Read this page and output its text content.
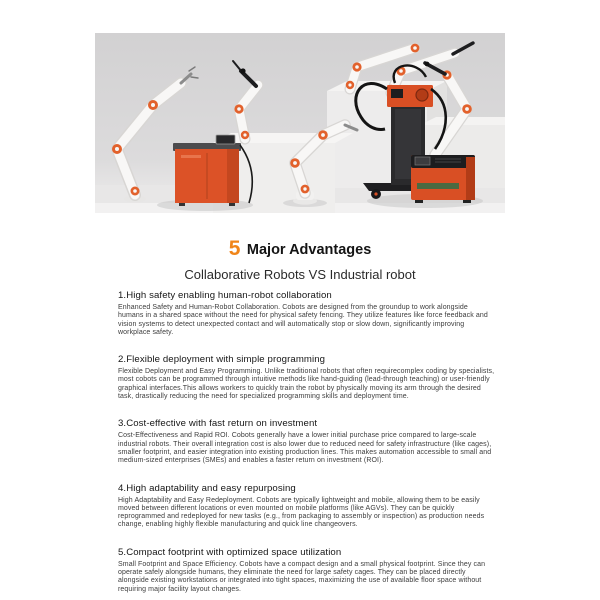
5 Major Advantages
Collaborative Robots VS Industrial robot
1.High safety enabling human-robot collaboration

Enhanced Safety and Human-Robot Collaboration. Cobots are designed from the groundup to work alongside humans in a shared space without the need for physical safety fencing. They utilize features like force feedback and vision systems to detect unexpected contact and will automatically stop or slow down, significantly improving workplace safety.

2.Flexible deployment with simple programming

Flexible Deployment and Easy Programming. Unlike traditional robots that often requirecomplex coding by specialists, most cobots can be programmed through intuitive methods like hand-guiding (lead-through teaching) or user-friendly graphical interfaces.This allows workers to quickly train the robot by physically moving its arm through the desired task, drastically reducing the need for specialized programming skills and deployment time.

3.Cost-effective with fast return on investment

Cost-Effectiveness and Rapid ROI. Cobots generally have a lower initial purchase price compared to large-scale industrial robots. Their overall integration cost is also lower due to reduced need for safety infrastructure (like cages), smaller footprint, and easier integration into existing production lines. This makes automation accessible to small and medium-sized enterprises (SMEs) and enables a faster return on investment (ROI).

4.High adaptability and easy repurposing

High Adaptability and Easy Redeployment. Cobots are typically lightweight and mobile, allowing them to be easily moved between different locations or even mounted on mobile platforms (like AGVs). They can be quickly reprogrammed and redeployed for new tasks (e.g., from packaging to assembly or inspection) as production needs change, enabling highly flexible manufacturing and quick line changeovers.

5.Compact footprint with optimized space utilization

Small Footprint and Space Efficiency. Cobots have a compact design and a small physical footprint. Since they can operate safely alongside humans, they eliminate the need for large safety cages. They can be placed directly alongside existing workstations or integrated into tight spaces, maximizing the use of available floor space without requiring major facility layout changes.
